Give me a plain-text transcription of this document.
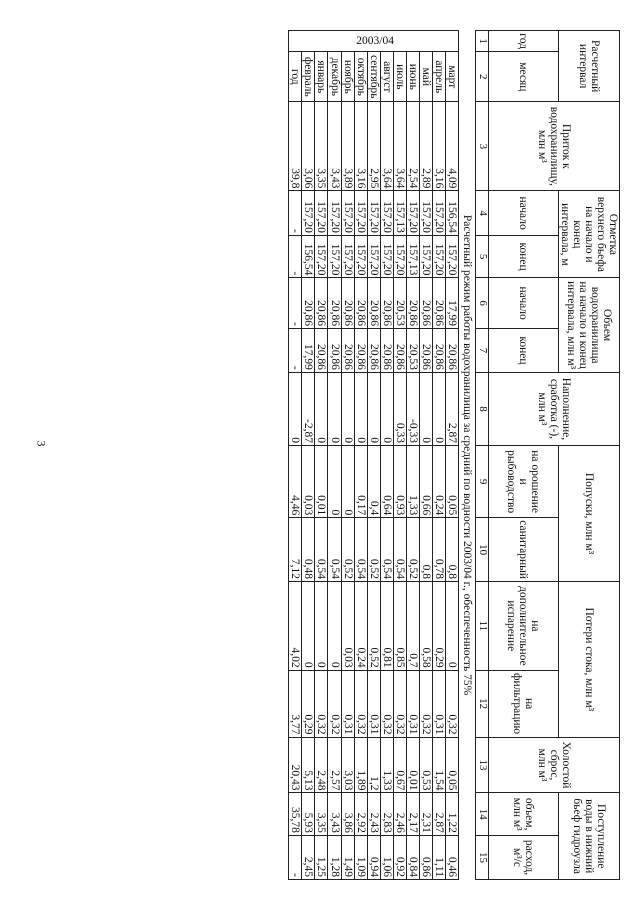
3
Расчетный интервал		Приток к водохранилищу, млн м³	Отметка верхнего бьефа на начало и конец интервала, м		Объем водохранилища на начало и конец интервала, млн м³		Наполнение, сработка (-), млн м³	Попуски, млн м³		Потери стока, млн м³		Холостой сброс, млн м³	Поступление воды в нижний бьеф гидроузла	
год	месяц		начало	конец	начало	конец		на орошение и рыбоводство	санитарный	на дополнительное испарение	на фильтрацию		объем, млн м³	расход, м³/с
1	2	3	4	5	6	7	8	9	10	11	12	13	14	15
Расчетный режим работы водохранилища за средний по водности 2003/04 г., обеспеченность 75%														
2003/04	март	4,09	156,54	157,20	17,99	20,86	2,87	0,05	0,8	0	0,32	0,05	1,22	0,46
	апрель	3,16	157,20	157,20	20,86	20,86	0	0,24	0,78	0,29	0,31	1,54	2,87	1,11
	май	2,89	157,20	157,20	20,86	20,86	0	0,66	0,8	0,58	0,32	0,53	2,31	0,86
	июнь	2,54	157,20	157,13	20,86	20,53	-0,33	1,33	0,52	0,7	0,31	0,01	2,17	0,84
	июль	3,64	157,13	157,20	20,53	20,86	0,33	0,93	0,54	0,85	0,32	0,67	2,46	0,92
	август	3,64	157,20	157,20	20,86	20,86	0	0,64	0,54	0,81	0,32	1,33	2,83	1,06
	сентябрь	2,95	157,20	157,20	20,86	20,86	0	0,4	0,52	0,52	0,31	1,2	2,43	0,94
	октябрь	3,16	157,20	157,20	20,86	20,86	0	0,17	0,54	0,24	0,32	1,89	2,92	1,09
	ноябрь	3,89	157,20	157,20	20,86	20,86	0	0	0,52	0,03	0,31	3,03	3,86	1,49
	декабрь	3,43	157,20	157,20	20,86	20,86	0	0	0,54	0	0,32	2,57	3,43	1,28
	январь	3,35	157,20	157,20	20,86	20,86	0	0,01	0,54	0	0,32	2,48	3,35	1,25
	февраль	3,06	157,20	156,54	20,86	17,99	-2,87	0,03	0,48	0	0,29	5,13	5,93	2,45
	год	39,8	-	-	-	-	0	4,46	7,12	4,02	3,77	20,43	35,78	-
